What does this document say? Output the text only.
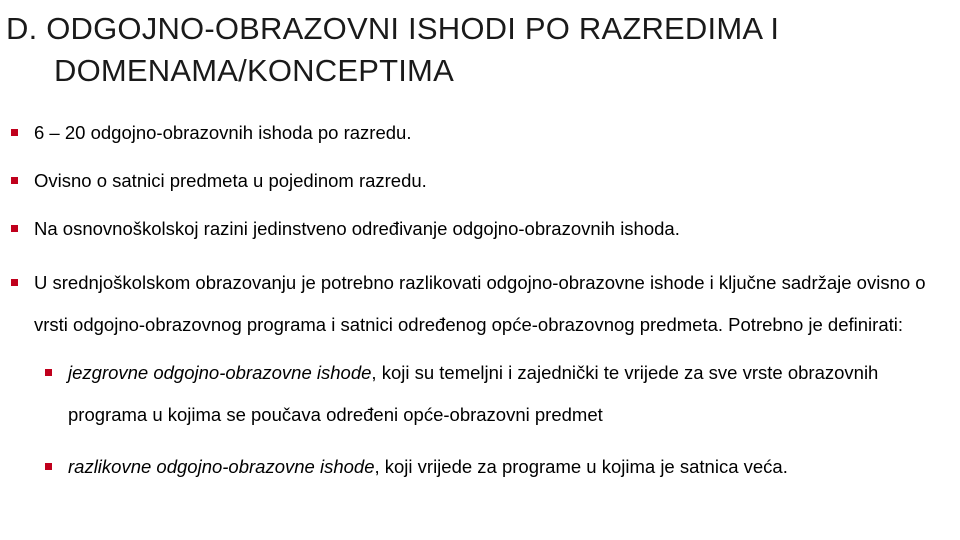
D. ODGOJNO-OBRAZOVNI ISHODI PO RAZREDIMA I
DOMENAMA/KONCEPTIMA
6 – 20 odgojno-obrazovnih ishoda po razredu.
Ovisno o satnici predmeta u pojedinom razredu.
Na osnovnoškolskoj razini jedinstveno određivanje odgojno-obrazovnih ishoda.
U srednjoškolskom obrazovanju je potrebno razlikovati odgojno-obrazovne ishode i ključne sadržaje ovisno o vrsti odgojno-obrazovnog programa i satnici određenog opće-obrazovnog predmeta. Potrebno je definirati:
jezgrovne odgojno-obrazovne ishode, koji su temeljni i zajednički te vrijede za sve vrste obrazovnih programa u kojima se poučava određeni opće-obrazovni predmet
razlikovne odgojno-obrazovne ishode, koji vrijede za programe u kojima je satnica veća.
